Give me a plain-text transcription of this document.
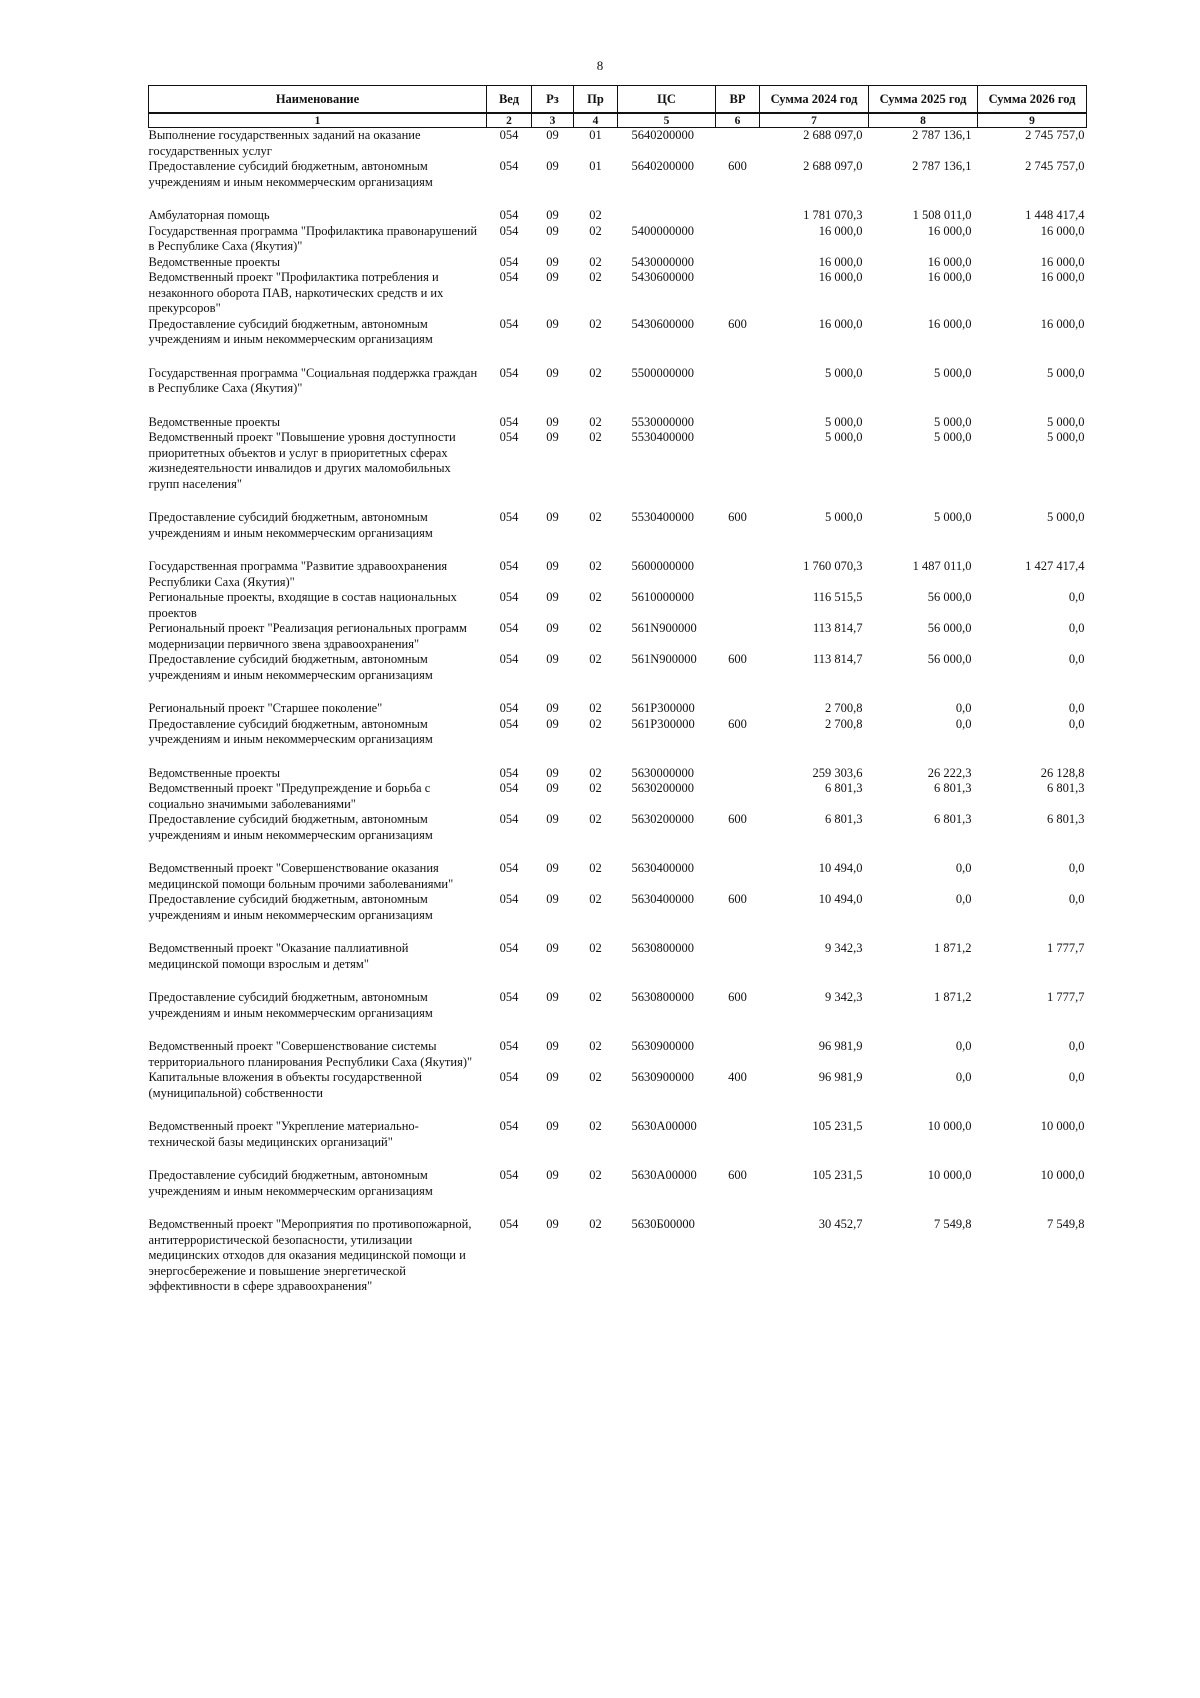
8
Наименование	Вед	Рз	Пр	ЦС	ВР	Сумма 2024 год	Сумма 2025 год	Сумма 2026 год
1	2	3	4	5	6	7	8	9
Выполнение государственных заданий на оказание государственных услуг	054	09	01	5640200000		2 688 097,0	2 787 136,1	2 745 757,0
Предоставление субсидий бюджетным, автономным учреждениям и иным некоммерческим организациям	054	09	01	5640200000	600	2 688 097,0	2 787 136,1	2 745 757,0

Амбулаторная помощь	054	09	02			1 781 070,3	1 508 011,0	1 448 417,4
Государственная программа "Профилактика правонарушений в Республике Саха (Якутия)"	054	09	02	5400000000		16 000,0	16 000,0	16 000,0
Ведомственные проекты	054	09	02	5430000000		16 000,0	16 000,0	16 000,0
Ведомственный проект "Профилактика потребления и незаконного оборота ПАВ, наркотических средств и их прекурсоров"	054	09	02	5430600000		16 000,0	16 000,0	16 000,0
Предоставление субсидий бюджетным, автономным учреждениям и иным некоммерческим организациям	054	09	02	5430600000	600	16 000,0	16 000,0	16 000,0

Государственная программа "Социальная поддержка граждан в Республике Саха (Якутия)"	054	09	02	5500000000		5 000,0	5 000,0	5 000,0

Ведомственные проекты	054	09	02	5530000000		5 000,0	5 000,0	5 000,0
Ведомственный проект "Повышение уровня доступности приоритетных объектов и услуг в приоритетных сферах жизнедеятельности инвалидов и других маломобильных групп населения"	054	09	02	5530400000		5 000,0	5 000,0	5 000,0

Предоставление субсидий бюджетным, автономным учреждениям и иным некоммерческим организациям	054	09	02	5530400000	600	5 000,0	5 000,0	5 000,0

Государственная программа "Развитие здравоохранения Республики Саха (Якутия)"	054	09	02	5600000000		1 760 070,3	1 487 011,0	1 427 417,4
Региональные проекты, входящие в состав национальных проектов	054	09	02	5610000000		116 515,5	56 000,0	0,0
Региональный проект "Реализация региональных программ модернизации первичного звена здравоохранения"	054	09	02	561N900000		113 814,7	56 000,0	0,0
Предоставление субсидий бюджетным, автономным учреждениям и иным некоммерческим организациям	054	09	02	561N900000	600	113 814,7	56 000,0	0,0

Региональный проект "Старшее поколение"	054	09	02	561P300000		2 700,8	0,0	0,0
Предоставление субсидий бюджетным, автономным учреждениям и иным некоммерческим организациям	054	09	02	561P300000	600	2 700,8	0,0	0,0

Ведомственные проекты	054	09	02	5630000000		259 303,6	26 222,3	26 128,8
Ведомственный проект "Предупреждение и борьба с социально значимыми заболеваниями"	054	09	02	5630200000		6 801,3	6 801,3	6 801,3
Предоставление субсидий бюджетным, автономным учреждениям и иным некоммерческим организациям	054	09	02	5630200000	600	6 801,3	6 801,3	6 801,3

Ведомственный проект "Совершенствование оказания медицинской помощи больным прочими заболеваниями"	054	09	02	5630400000		10 494,0	0,0	0,0
Предоставление субсидий бюджетным, автономным учреждениям и иным некоммерческим организациям	054	09	02	5630400000	600	10 494,0	0,0	0,0

Ведомственный проект "Оказание паллиативной медицинской помощи взрослым и детям"	054	09	02	5630800000		9 342,3	1 871,2	1 777,7

Предоставление субсидий бюджетным, автономным учреждениям и иным некоммерческим организациям	054	09	02	5630800000	600	9 342,3	1 871,2	1 777,7

Ведомственный проект "Совершенствование системы территориального планирования Республики Саха (Якутия)"	054	09	02	5630900000		96 981,9	0,0	0,0
Капитальные вложения в объекты государственной (муниципальной) собственности	054	09	02	5630900000	400	96 981,9	0,0	0,0

Ведомственный проект "Укрепление материально-технической базы медицинских организаций"	054	09	02	5630А00000		105 231,5	10 000,0	10 000,0

Предоставление субсидий бюджетным, автономным учреждениям и иным некоммерческим организациям	054	09	02	5630А00000	600	105 231,5	10 000,0	10 000,0

Ведомственный проект "Мероприятия по противопожарной, антитеррористической безопасности, утилизации медицинских отходов для оказания медицинской помощи и энергосбережение и повышение энергетической эффективности в сфере здравоохранения"	054	09	02	5630Б00000		30 452,7	7 549,8	7 549,8
